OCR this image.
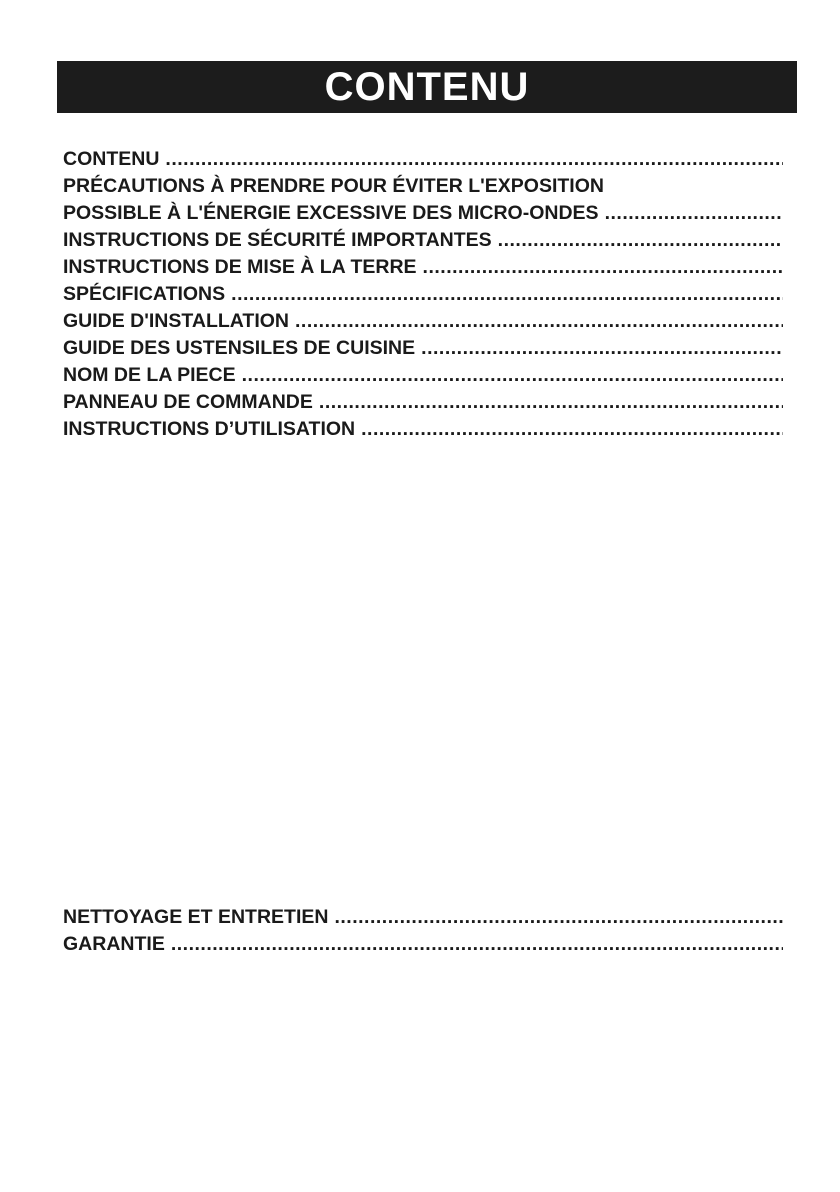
CONTENU
CONTENU
.....
PRÉCAUTIONS À PRENDRE POUR ÉVITER L'EXPOSITION
POSSIBLE À L'ÉNERGIE EXCESSIVE DES MICRO-ONDES
.....
INSTRUCTIONS DE SÉCURITÉ IMPORTANTES
.....
INSTRUCTIONS DE MISE À LA TERRE
.....
SPÉCIFICATIONS
.....
GUIDE D'INSTALLATION
.....
GUIDE DES USTENSILES DE CUISINE
.....
NOM DE LA PIECE
.....
PANNEAU DE COMMANDE
.....
INSTRUCTIONS D’UTILISATION
.....
NETTOYAGE ET ENTRETIEN
.....
GARANTIE
.....
